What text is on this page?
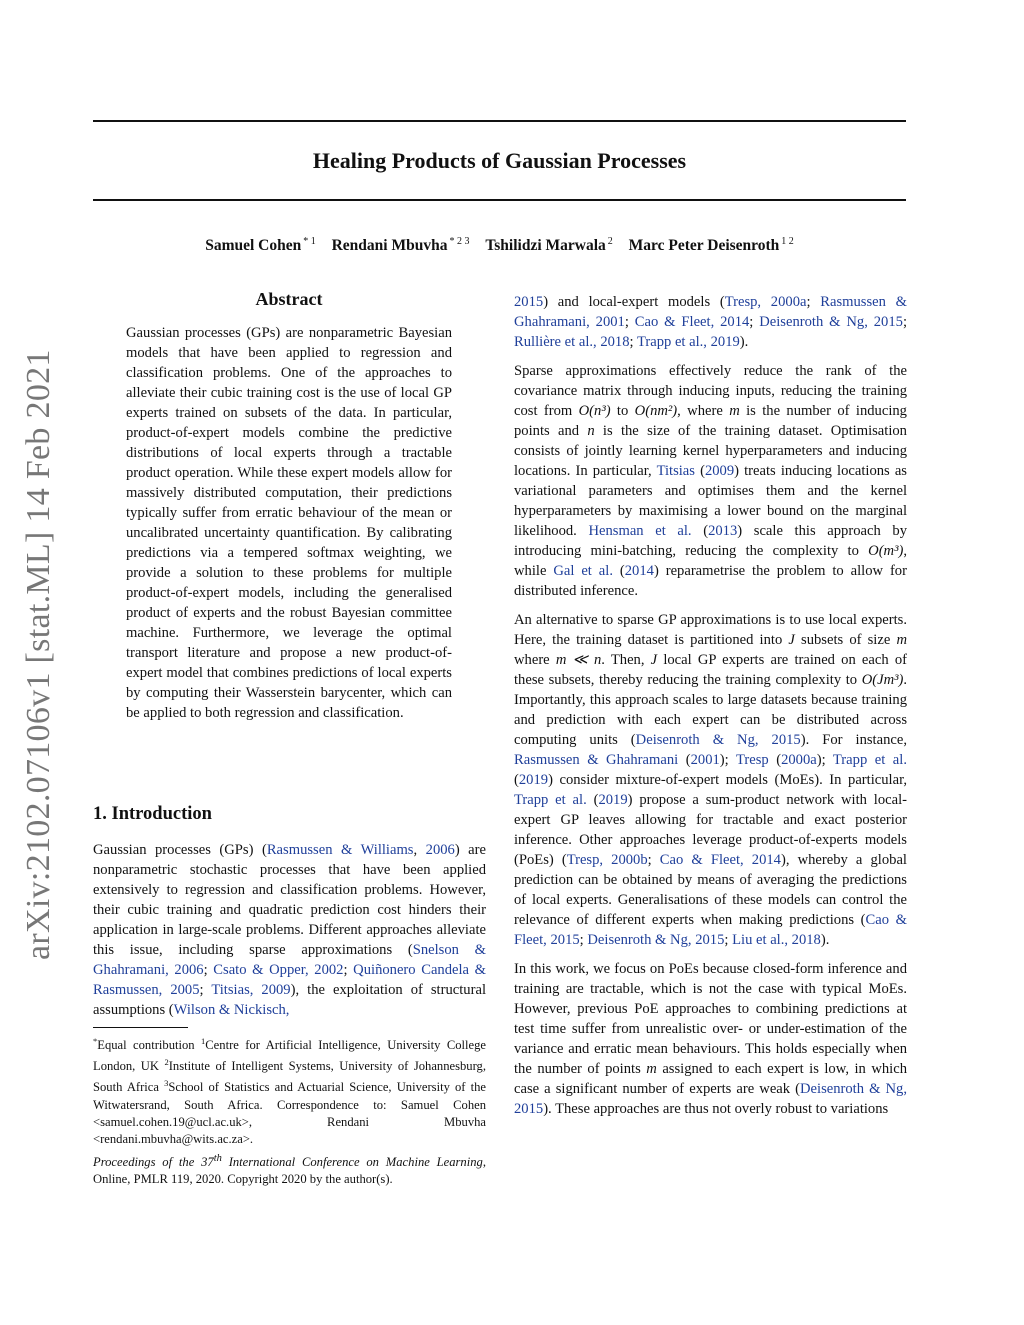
arXiv:2102.07106v1 [stat.ML] 14 Feb 2021
Healing Products of Gaussian Processes
Samuel Cohen $^{* 1}$ Rendani Mbuvha $^{* 2 3}$ Tshilidzi Marwala $^2$ Marc Peter Deisenroth $^{1 2}$
Abstract
Gaussian processes (GPs) are nonparametric Bayesian models that have been applied to regression and classification problems. One of the approaches to alleviate their cubic training cost is the use of local GP experts trained on subsets of the data. In particular, product-of-expert models combine the predictive distributions of local experts through a tractable product operation. While these expert models allow for massively distributed computation, their predictions typically suffer from erratic behaviour of the mean or uncalibrated uncertainty quantification. By calibrating predictions via a tempered softmax weighting, we provide a solution to these problems for multiple product-of-expert models, including the generalised product of experts and the robust Bayesian committee machine. Furthermore, we leverage the optimal transport literature and propose a new product-of-expert model that combines predictions of local experts by computing their Wasserstein barycenter, which can be applied to both regression and classification.
1. Introduction
Gaussian processes (GPs) (Rasmussen & Williams, 2006) are nonparametric stochastic processes that have been applied extensively to regression and classification problems. However, their cubic training and quadratic prediction cost hinders their application in large-scale problems. Different approaches alleviate this issue, including sparse approximations (Snelson & Ghahramani, 2006; Csato & Opper, 2002; Quiñonero Candela & Rasmussen, 2005; Titsias, 2009), the exploitation of structural assumptions (Wilson & Nickisch,
*Equal contribution $^1$Centre for Artificial Intelligence, University College London, UK $^2$Institute of Intelligent Systems, University of Johannesburg, South Africa $^3$School of Statistics and Actuarial Science, University of the Witwatersrand, South Africa. Correspondence to: Samuel Cohen <samuel.cohen.19@ucl.ac.uk>, Rendani Mbuvha <rendani.mbuvha@wits.ac.za>.
Proceedings of the 37th International Conference on Machine Learning, Online, PMLR 119, 2020. Copyright 2020 by the author(s).

2015) and local-expert models (Tresp, 2000a; Rasmussen & Ghahramani, 2001; Cao & Fleet, 2014; Deisenroth & Ng, 2015; Rullière et al., 2018; Trapp et al., 2019).

Sparse approximations effectively reduce the rank of the covariance matrix through inducing inputs, reducing the training cost from O(n³) to O(nm²), where m is the number of inducing points and n is the size of the training dataset. Optimisation consists of jointly learning kernel hyperparameters and inducing locations. In particular, Titsias (2009) treats inducing locations as variational parameters and optimises them and the kernel hyperparameters by maximising a lower bound on the marginal likelihood. Hensman et al. (2013) scale this approach by introducing mini-batching, reducing the complexity to O(m³), while Gal et al. (2014) reparametrise the problem to allow for distributed inference.

An alternative to sparse GP approximations is to use local experts. Here, the training dataset is partitioned into J subsets of size m where m ≪ n. Then, J local GP experts are trained on each of these subsets, thereby reducing the training complexity to O(Jm³). Importantly, this approach scales to large datasets because training and prediction with each expert can be distributed across computing units (Deisenroth & Ng, 2015). For instance, Rasmussen & Ghahramani (2001); Tresp (2000a); Trapp et al. (2019) consider mixture-of-expert models (MoEs). In particular, Trapp et al. (2019) propose a sum-product network with local-expert GP leaves allowing for tractable and exact posterior inference. Other approaches leverage product-of-experts models (PoEs) (Tresp, 2000b; Cao & Fleet, 2014), whereby a global prediction can be obtained by means of averaging the predictions of local experts. Generalisations of these models can control the relevance of different experts when making predictions (Cao & Fleet, 2015; Deisenroth & Ng, 2015; Liu et al., 2018).

In this work, we focus on PoEs because closed-form inference and training are tractable, which is not the case with typical MoEs. However, previous PoE approaches to combining predictions at test time suffer from unrealistic over- or under-estimation of the variance and erratic mean behaviours. This holds especially when the number of points m assigned to each expert is low, in which case a significant number of experts are weak (Deisenroth & Ng, 2015). These approaches are thus not overly robust to variations
